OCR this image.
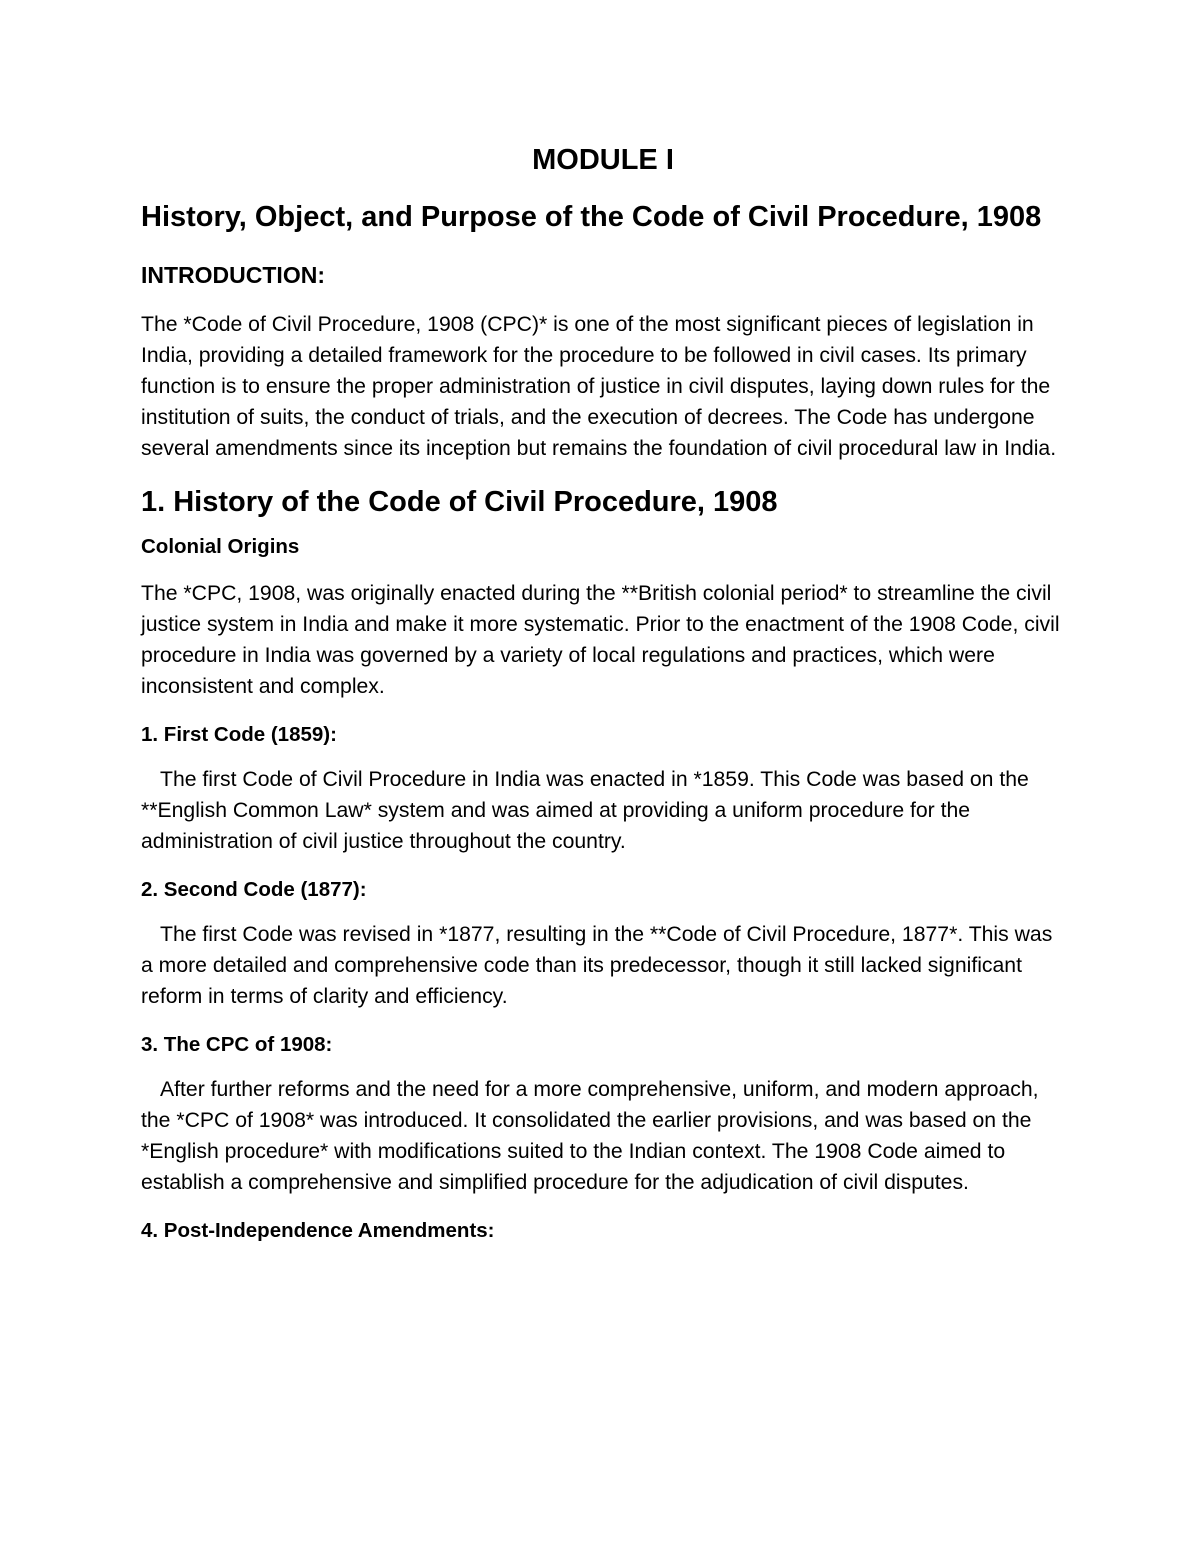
MODULE I
History, Object, and Purpose of the Code of Civil Procedure, 1908
INTRODUCTION:
The *Code of Civil Procedure, 1908 (CPC)* is one of the most significant pieces of legislation in India, providing a detailed framework for the procedure to be followed in civil cases. Its primary function is to ensure the proper administration of justice in civil disputes, laying down rules for the institution of suits, the conduct of trials, and the execution of decrees. The Code has undergone several amendments since its inception but remains the foundation of civil procedural law in India.
1. History of the Code of Civil Procedure, 1908
Colonial Origins
The *CPC, 1908, was originally enacted during the **British colonial period* to streamline the civil justice system in India and make it more systematic. Prior to the enactment of the 1908 Code, civil procedure in India was governed by a variety of local regulations and practices, which were inconsistent and complex.
1. First Code (1859):
The first Code of Civil Procedure in India was enacted in *1859. This Code was based on the **English Common Law* system and was aimed at providing a uniform procedure for the administration of civil justice throughout the country.
2. Second Code (1877):
The first Code was revised in *1877, resulting in the **Code of Civil Procedure, 1877*. This was a more detailed and comprehensive code than its predecessor, though it still lacked significant reform in terms of clarity and efficiency.
3. The CPC of 1908:
After further reforms and the need for a more comprehensive, uniform, and modern approach, the *CPC of 1908* was introduced. It consolidated the earlier provisions, and was based on the *English procedure* with modifications suited to the Indian context. The 1908 Code aimed to establish a comprehensive and simplified procedure for the adjudication of civil disputes.
4. Post-Independence Amendments:
